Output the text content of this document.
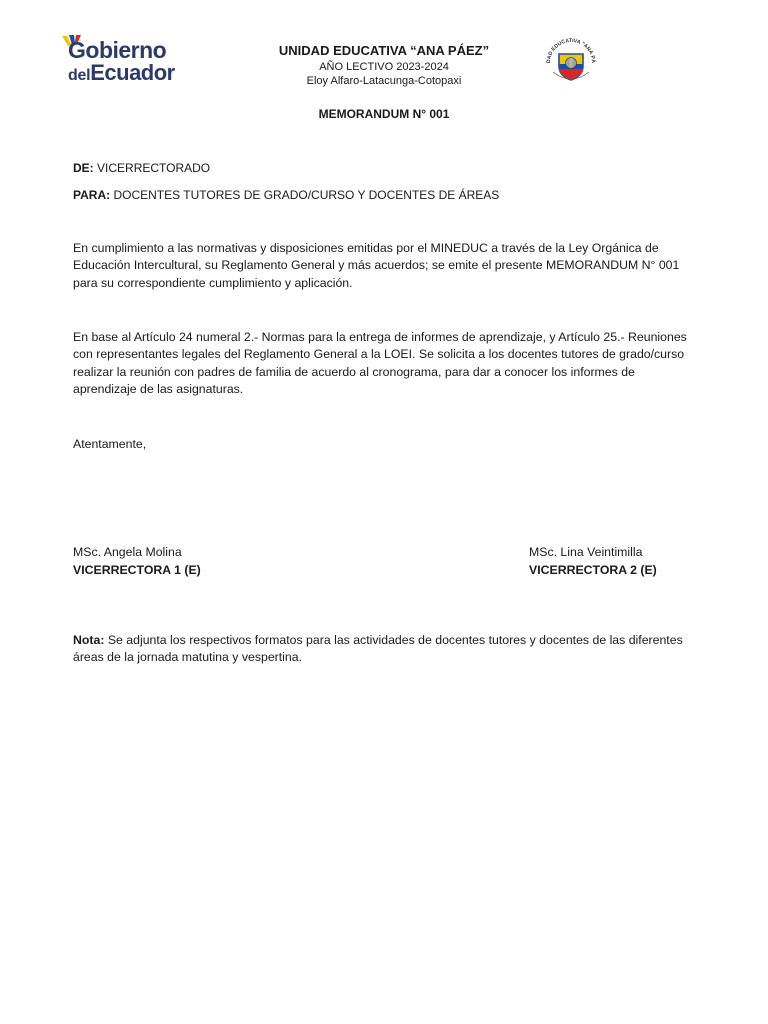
Gobierno
delEcuador
UNIDAD EDUCATIVA “ANA PÁEZ”
AÑO LECTIVO 2023-2024
Eloy Alfaro-Latacunga-Cotopaxi
DAD EDUCATIVA "ANA PÁ
MEMORANDUM N° 001
DE: VICERRECTORADO
PARA: DOCENTES TUTORES DE GRADO/CURSO Y DOCENTES DE ÁREAS
En cumplimiento a las normativas y disposiciones emitidas por el MINEDUC a través de la Ley Orgánica de Educación Intercultural, su Reglamento General y más acuerdos; se emite el presente MEMORANDUM N° 001 para su correspondiente cumplimiento y aplicación.
En base al Artículo 24 numeral 2.- Normas para la entrega de informes de aprendizaje, y Artículo 25.- Reuniones con representantes legales del Reglamento General a la LOEI. Se solicita a los docentes tutores de grado/curso realizar la reunión con padres de familia de acuerdo al cronograma, para dar a conocer los informes de aprendizaje de las asignaturas.
Atentamente,
MSc. Angela Molina
VICERRECTORA 1 (E)
MSc. Lina Veintimilla
VICERRECTORA 2 (E)
Nota: Se adjunta los respectivos formatos para las actividades de docentes tutores y docentes de las diferentes áreas de la jornada matutina y vespertina.
